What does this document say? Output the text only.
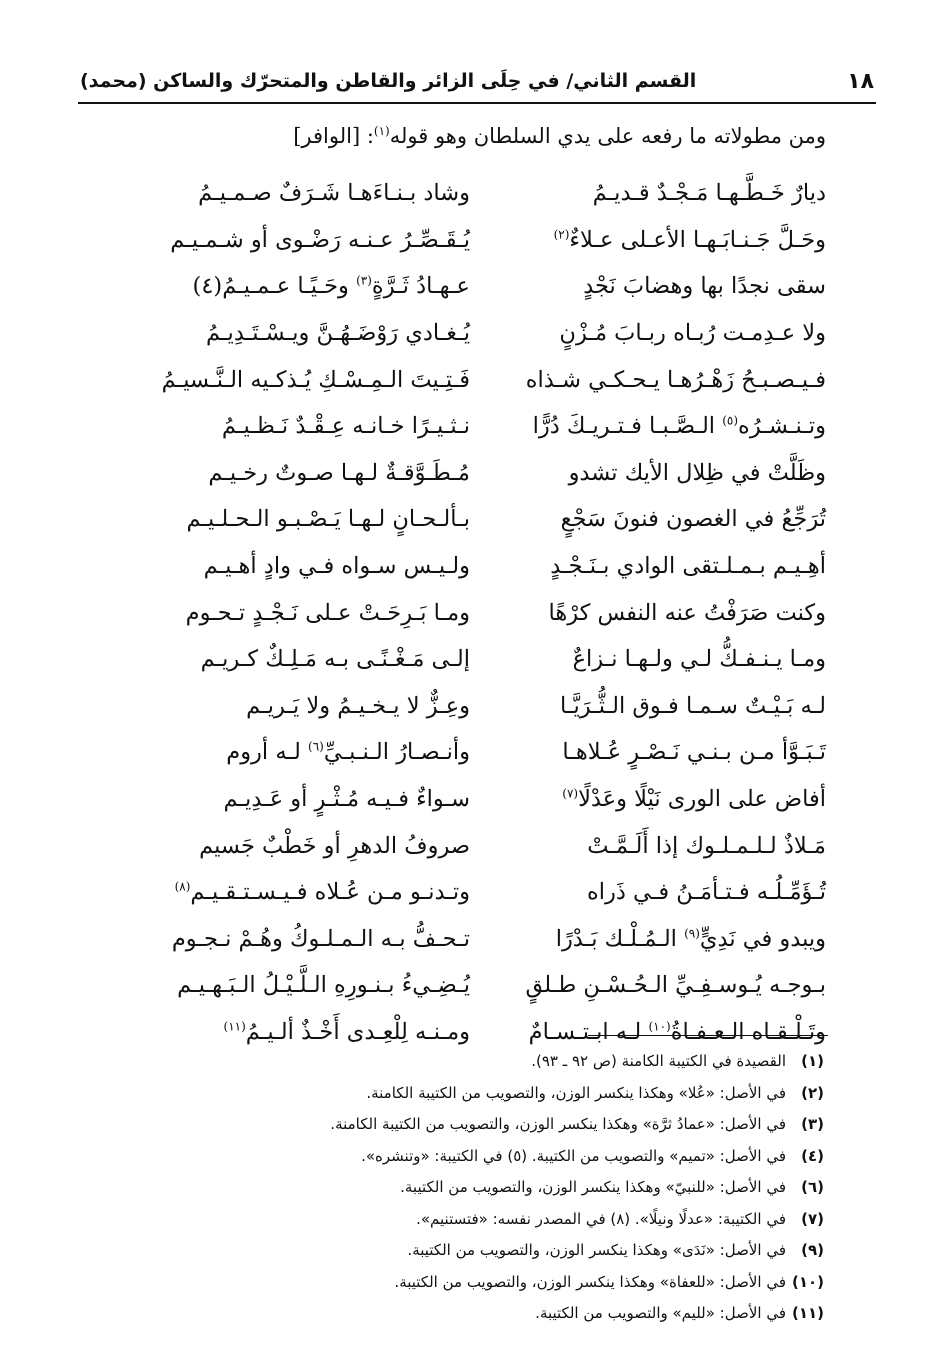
١٨
القسم الثاني/ في حِلَى الزائر والقاطن والمتحرّك والساكن (محمد)
ومن مطولاته ما رفعه على يدي السلطان وهو قوله$^{(١)}$: [الوافر]
ديارٌ خَـطَّـهـا مَـجْـدٌ قـديـمُ
وشاد بـنـاءَهـا شَـرَفٌ صـمـيـمُ
وحَـلَّ جَـنـابَـهـا الأعـلى عـلاءٌ$^{(٢)}$
يُـقَـصِّـرُ عـنـه رَضْـوى أو شـمـيـم
سقى نجدًا بها وهضابَ نَجْدٍ
عـهـادُ ثَـرَّةٍ$^{(٣)}$ وحَـيًـا عـمـيـمُ(٤)
ولا عـدِمـت رُبـاه ربـابَ مُـزْنٍ
يُـغـادي رَوْضَـهُـنَّ ويـسْـتَـدِيـمُ
فـيـصـبـحُ زَهْـرُهـا يـحـكـي شـذاه
فَـتِـيتَ الـمِـسْـكِ يُـذكـيه الـنَّـسيـمُ
وتـنـشـرُه$^{(٥)}$ الـصَّـبـا فـتـريـكَ دُرًّا
نـثـيـرًا خـانـه عِـقْـدٌ نَـظـيـمُ
وظَلَّتْ في ظِلال الأيك تشدو
مُـطَـوَّقـةٌ لـهـا صـوتٌ رخـيـم
تُرَجِّعُ في الغصون فنونَ سَجْعٍ
بـألـحـانٍ لـهـا يَـصْـبـو الـحـلـيـم
أهِـيـم بـمـلـتقى الوادي بـنَـجْـدٍ
ولـيـس سـواه فـي وادٍ أهـيـم
وكنت صَرَفْتُ عنه النفس كرْهًا
ومـا بَـرِحَـتْ عـلى نَـجْـدٍ تـحـوم
ومـا يـنـفـكُّ لـي ولـهـا نـزاعٌ
إلـى مَـغْـنًـى بـه مَـلِـكٌ كـريـم
لـه بَـيْـتٌ سـمـا فـوق الـثُّـرَيَّـا
وعِـزٌّ لا يـخـيـمُ ولا يَـريـم
تَـبَـوَّأ مـن بـنـي نَـصْـرٍ عُـلاهـا
وأنـصـارُ الـنـبـيِّ$^{(٦)}$ لـه أروم
أفاض على الورى نَيْلًا وعَدْلًا$^{(٧)}$
سـواءٌ فـيـه مُـثْـرٍ أو عَـدِيـم
مَـلاذٌ لـلـمـلـوك إذا أَلَـمَّـتْ
صروفُ الدهرِ أو خَطْبٌ جَسيم
تُـؤَمِّـلُـه فـتـأمَـنُ فـي ذَراه
وتـدنـو مـن عُـلاه فـيـسـتـقـيـم$^{(٨)}$
ويبدو في نَدِيٍّ$^{(٩)}$ الـمُـلْـك بَـدْرًا
تـحـفُّ بـه الـمـلـوكُ وهُـمْ نـجـوم
بـوجـه يُـوسـفِـيِّ الـحُـسْـنِ طـلقٍ
يُـضِـيءُ بـنـورِهِ الـلَّـيْـلُ الـبَـهـيـم
وتَـلْـقـاه الـعـفـاةُ$^{(١٠)}$ لـه ابـتـسـامٌ
ومـنـه لِلْعِـدى أَخْـذٌ ألـيـمُ$^{(١١)}$
(١)القصيدة في الكتيبة الكامنة (ص ٩٢ ـ ٩٣).
(٢)في الأصل: «عُلا» وهكذا ينكسر الوزن، والتصويب من الكتيبة الكامنة.
(٣)في الأصل: «عمادُ ثرَّة» وهكذا ينكسر الوزن، والتصويب من الكتيبة الكامنة.
(٤)في الأصل: «تميم» والتصويب من الكتيبة. (٥) في الكتيبة: «وتنشره».
(٦)في الأصل: «للنبيّ» وهكذا ينكسر الوزن، والتصويب من الكتيبة.
(٧)في الكتيبة: «عدلًا ونيلًا». (٨) في المصدر نفسه: «فتستنيم».
(٩)في الأصل: «نَدَى» وهكذا ينكسر الوزن، والتصويب من الكتيبة.
(١٠)في الأصل: «للعفاة» وهكذا ينكسر الوزن، والتصويب من الكتيبة.
(١١)في الأصل: «لليم» والتصويب من الكتيبة.
